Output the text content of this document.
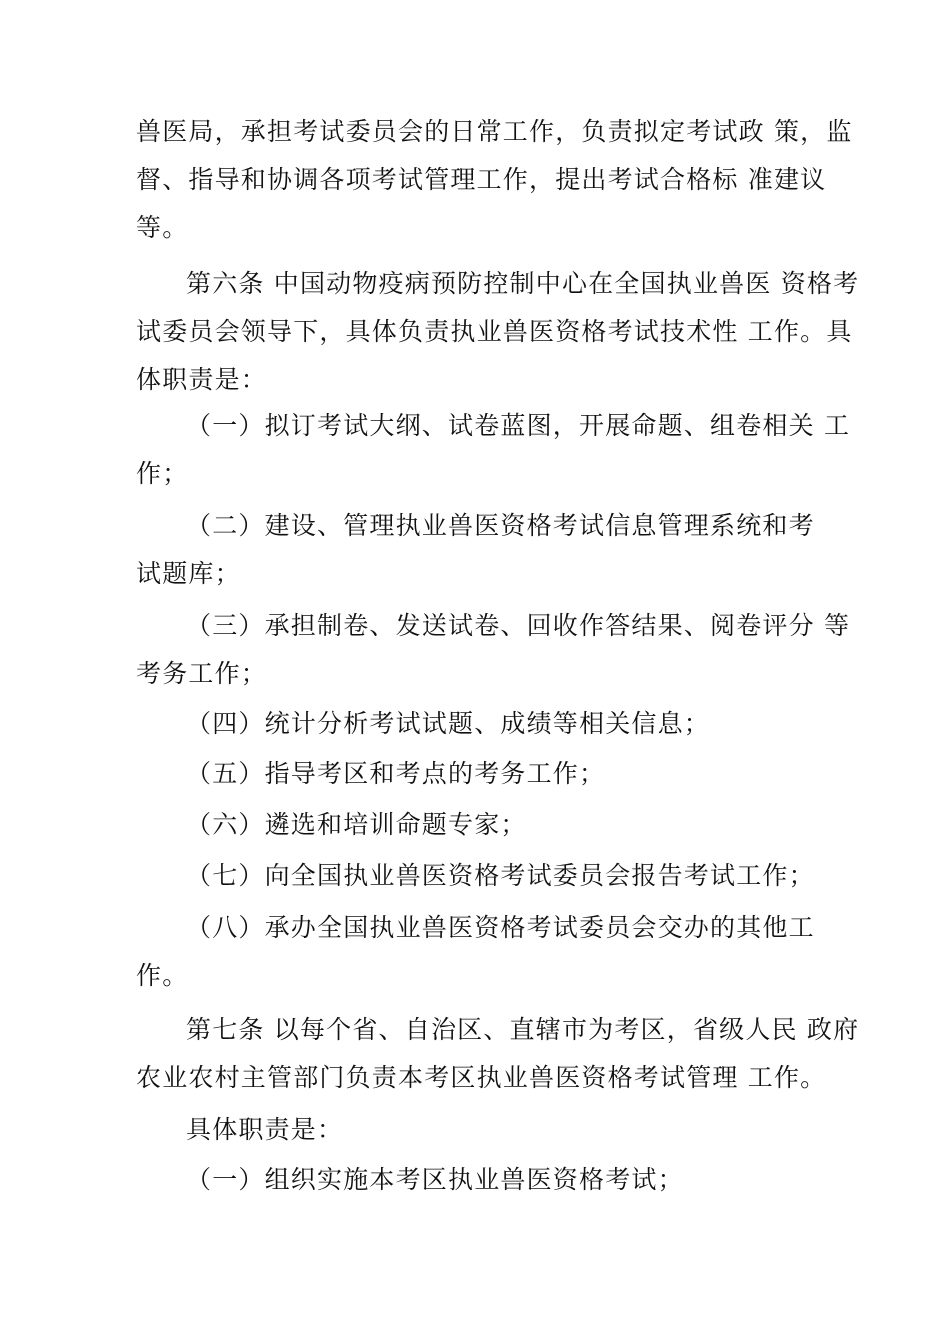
兽医局，承担考试委员会的日常工作，负责拟定考试政 策，监
督、指导和协调各项考试管理工作，提出考试合格标 准建议
等。

第六条 中国动物疫病预防控制中心在全国执业兽医 资格考
试委员会领导下，具体负责执业兽医资格考试技术性 工作。具
体职责是：

（一）拟订考试大纲、试卷蓝图，开展命题、组卷相关 工
作；

（二）建设、管理执业兽医资格考试信息管理系统和考
试题库；

（三）承担制卷、发送试卷、回收作答结果、阅卷评分 等
考务工作；

（四）统计分析考试试题、成绩等相关信息；

（五）指导考区和考点的考务工作；

（六）遴选和培训命题专家；

（七）向全国执业兽医资格考试委员会报告考试工作；

（八）承办全国执业兽医资格考试委员会交办的其他工
作。

第七条 以每个省、自治区、直辖市为考区，省级人民 政府
农业农村主管部门负责本考区执业兽医资格考试管理 工作。

具体职责是：

（一）组织实施本考区执业兽医资格考试；
